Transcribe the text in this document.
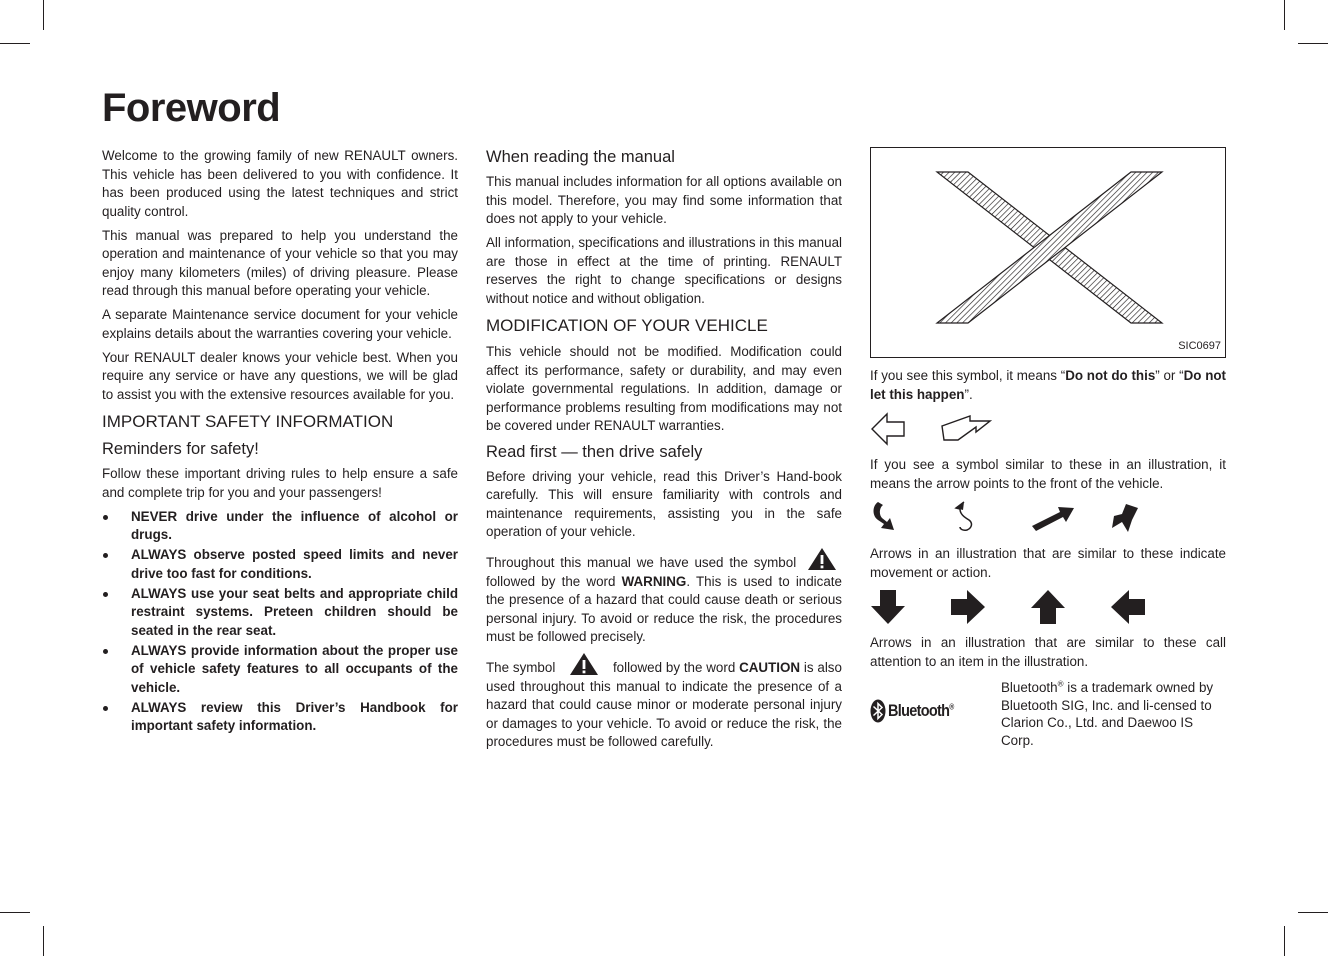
Foreword

Welcome to the growing family of new RENAULT owners. This vehicle has been delivered to you with confidence. It has been produced using the latest techniques and strict quality control.

This manual was prepared to help you understand the operation and maintenance of your vehicle so that you may enjoy many kilometers (miles) of driving pleasure. Please read through this manual before operating your vehicle.

A separate Maintenance service document for your vehicle explains details about the warranties covering your vehicle.

Your RENAULT dealer knows your vehicle best. When you require any service or have any questions, we will be glad to assist you with the extensive resources available for you.

IMPORTANT SAFETY INFORMATION
Reminders for safety!

Follow these important driving rules to help ensure a safe and complete trip for you and your passengers!

NEVER drive under the influence of alcohol or drugs.
ALWAYS observe posted speed limits and never drive too fast for conditions.
ALWAYS use your seat belts and appropriate child restraint systems. Preteen children should be seated in the rear seat.
ALWAYS provide information about the proper use of vehicle safety features to all occupants of the vehicle.
ALWAYS review this Driver’s Handbook for important safety information.
When reading the manual

This manual includes information for all options available on this model. Therefore, you may find some information that does not apply to your vehicle.

All information, specifications and illustrations in this manual are those in effect at the time of printing. RENAULT reserves the right to change specifications or designs without notice and without obligation.

MODIFICATION OF YOUR VEHICLE

This vehicle should not be modified. Modification could affect its performance, safety or durability, and may even violate governmental regulations. In addition, damage or performance problems resulting from modifications may not be covered under RENAULT warranties.

Read first — then drive safely

Before driving your vehicle, read this Driver’s Hand-book carefully. This will ensure familiarity with controls and maintenance requirements, assisting you in the safe operation of your vehicle.

Throughout this manual we have used the symbol  followed by the word WARNING. This is used to indicate the presence of a hazard that could cause death or serious personal injury. To avoid or reduce the risk, the procedures must be followed precisely.

The symbol	followed by the word CAUTION is also used throughout this manual to indicate the presence of a hazard that could cause minor or moderate personal injury or damages to your vehicle. To avoid or reduce the risk, the procedures must be followed carefully.

SIC0697

If you see this symbol, it means “Do not do this” or “Do not let this happen”.

If you see a symbol similar to these in an illustration, it means the arrow points to the front of the vehicle.

Arrows in an illustration that are similar to these indicate movement or action.

Arrows in an illustration that are similar to these call attention to an item in the illustration.

Bluetooth®
Bluetooth® is a trademark owned by Bluetooth SIG, Inc. and li-censed to Clarion Co., Ltd. and Daewoo IS Corp.
